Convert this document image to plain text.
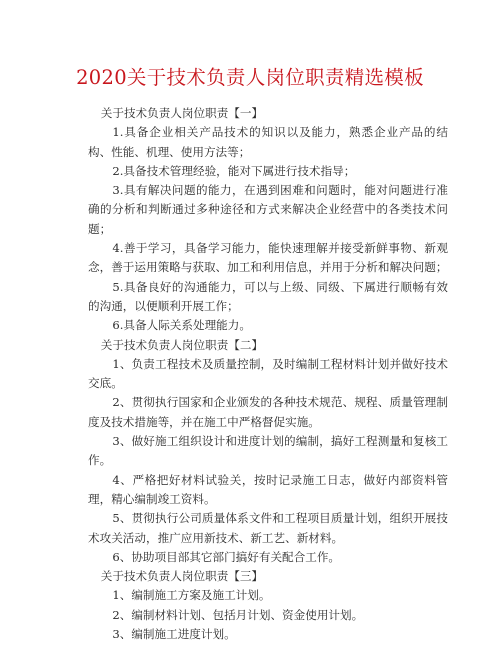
2020关于技术负责人岗位职责精选模板

关于技术负责人岗位职责【一】

1.具备企业相关产品技术的知识以及能力，熟悉企业产品的结构、性能、机理、使用方法等；

2.具备技术管理经验，能对下属进行技术指导；

3.具有解决问题的能力，在遇到困难和问题时，能对问题进行准确的分析和判断通过多种途径和方式来解决企业经营中的各类技术问题；

4.善于学习，具备学习能力，能快速理解并接受新鲜事物、新观念，善于运用策略与获取、加工和利用信息，并用于分析和解决问题；

5.具备良好的沟通能力，可以与上级、同级、下属进行顺畅有效的沟通，以便顺利开展工作；

6.具备人际关系处理能力。

关于技术负责人岗位职责【二】

1、负责工程技术及质量控制，及时编制工程材料计划并做好技术交底。

2、贯彻执行国家和企业颁发的各种技术规范、规程、质量管理制度及技术措施等，并在施工中严格督促实施。

3、做好施工组织设计和进度计划的编制，搞好工程测量和复核工作。

4、严格把好材料试验关，按时记录施工日志，做好内部资料管理，精心编制竣工资料。

5、贯彻执行公司质量体系文件和工程项目质量计划，组织开展技术攻关活动，推广应用新技术、新工艺、新材料。

6、协助项目部其它部门搞好有关配合工作。

关于技术负责人岗位职责【三】

1、编制施工方案及施工计划。

2、编制材料计划、包括月计划、资金使用计划。

3、编制施工进度计划。
